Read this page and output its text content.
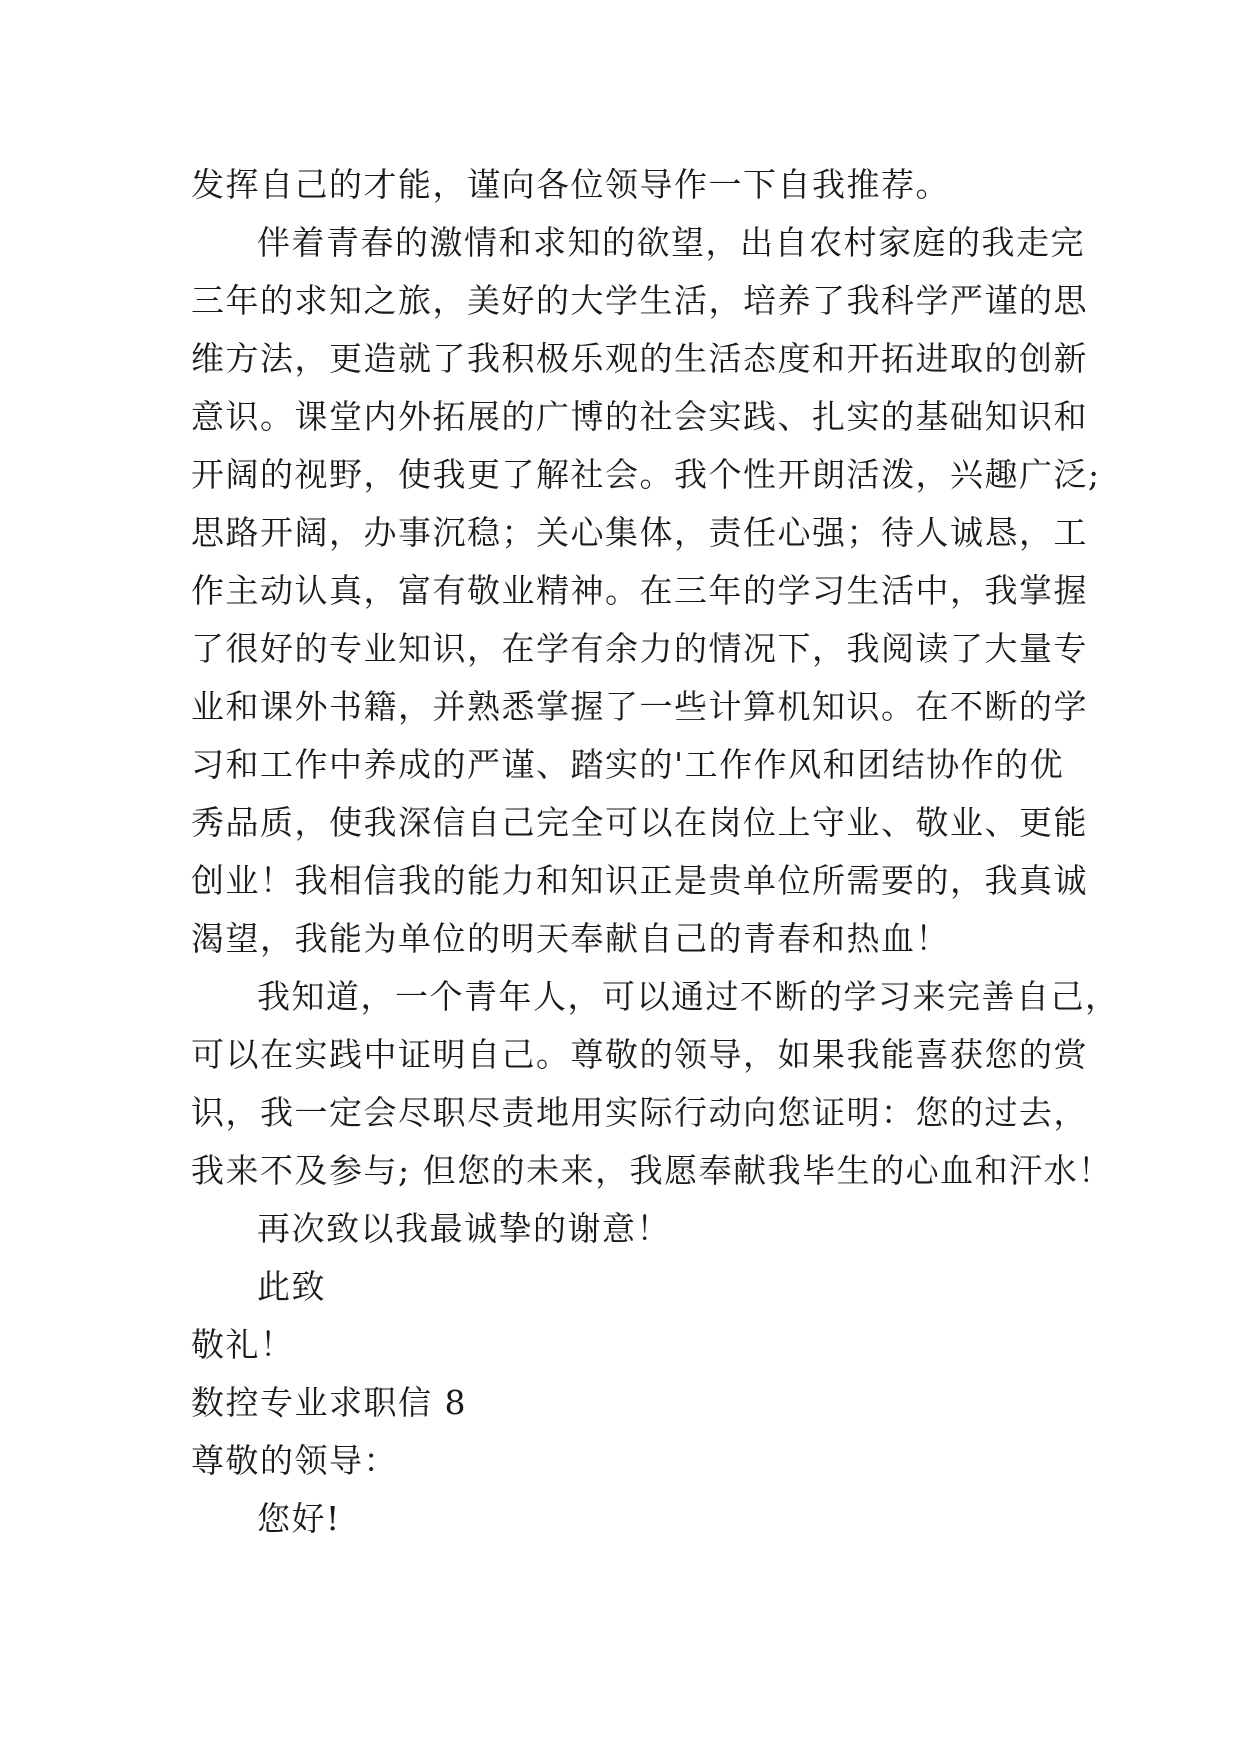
发挥自己的才能，谨向各位领导作一下自我推荐。
伴着青春的激情和求知的欲望，出自农村家庭的我走完
三年的求知之旅，美好的大学生活，培养了我科学严谨的思
维方法，更造就了我积极乐观的生活态度和开拓进取的创新
意识。课堂内外拓展的广博的社会实践、扎实的基础知识和
开阔的视野，使我更了解社会。我个性开朗活泼，兴趣广泛;
思路开阔，办事沉稳；关心集体，责任心强；待人诚恳，工
作主动认真，富有敬业精神。在三年的学习生活中，我掌握
了很好的专业知识，在学有余力的情况下，我阅读了大量专
业和课外书籍，并熟悉掌握了一些计算机知识。在不断的学
习和工作中养成的严谨、踏实的'工作作风和团结协作的优
秀品质，使我深信自己完全可以在岗位上守业、敬业、更能
创业！我相信我的能力和知识正是贵单位所需要的，我真诚
渴望，我能为单位的明天奉献自己的青春和热血！
我知道，一个青年人，可以通过不断的学习来完善自己，
可以在实践中证明自己。尊敬的领导，如果我能喜获您的赏
识，我一定会尽职尽责地用实际行动向您证明：您的过去，
我来不及参与; 但您的未来，我愿奉献我毕生的心血和汗水！
再次致以我最诚挚的谢意！
此致
敬礼！
数控专业求职信 8
尊敬的领导：
您好!
